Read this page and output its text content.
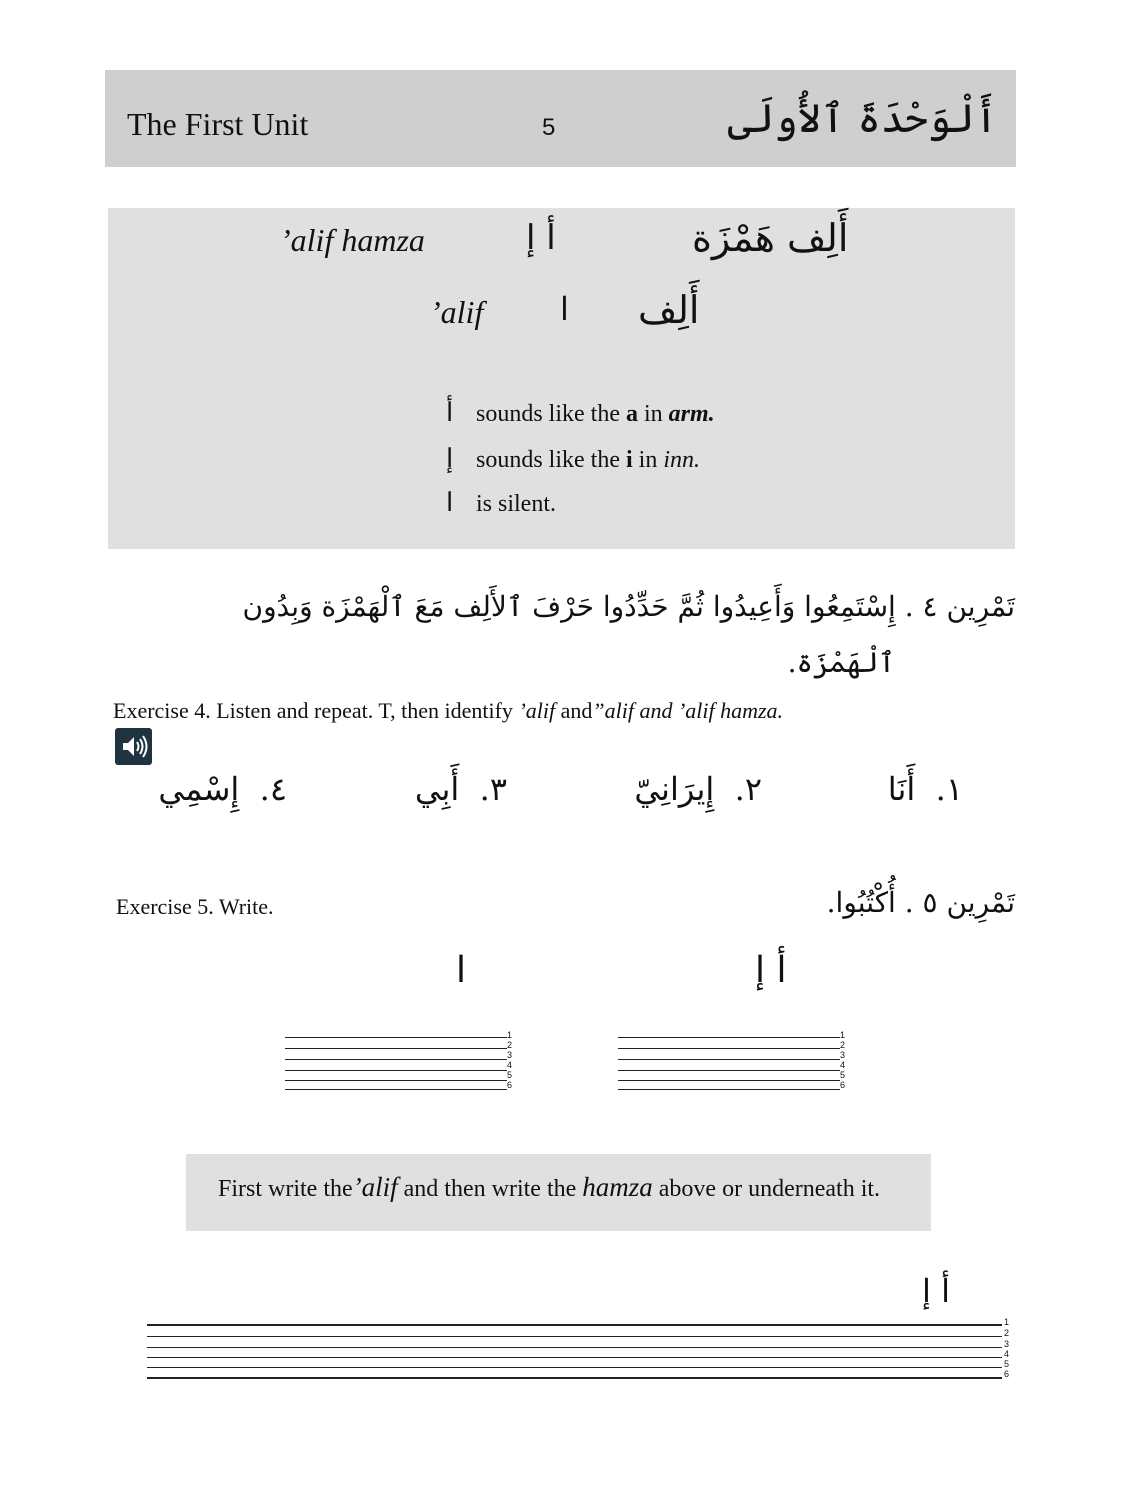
The First Unit	5	أَلْوَحْدَةَ ٱلأُولَى
’alif hamza	أ إ	أَلِف هَمْزَة
’alif ا أَلِف
أ sounds like the a in arm.
إ sounds like the i in inn.
ا is silent.
تَمْرِين ٤ . إِسْتَمِعُوا وَأَعِيدُوا ثُمَّ حَدِّدُوا حَرْفَ ٱلأَلِف مَعَ ٱلْهَمْزَة وَبِدُون
ٱلْهَمْزَة.
Exercise 4. Listen and repeat. T, then identify ’alif and”alif and ’alif hamza.
١.  أَنَا
٢.  إِيرَانِيّ
٣.  أَبِي
٤.  إِسْمِي
Exercise 5. Write.	تَمْرِين ٥ . أُكْتُبُوا.
ا	أ إ
1
2
3
4
5
6
1
2
3
4
5
6
First write the’alif and then write the hamza above or underneath it.
أ إ
1
2
3
4
5
6
